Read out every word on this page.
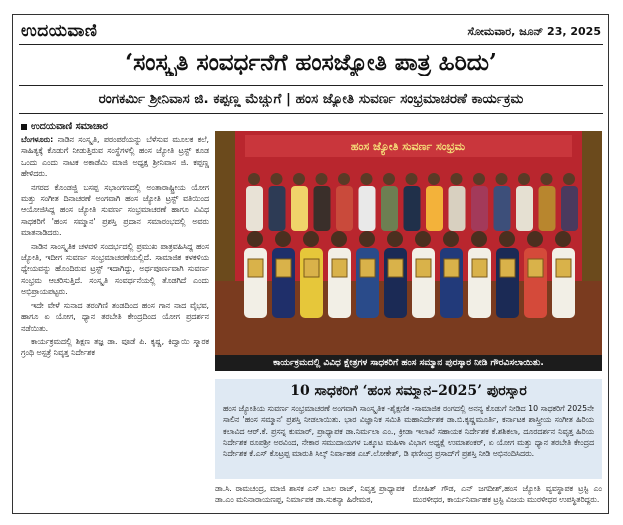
ಉದಯವಾಣಿ	ಸೋಮವಾರ, ಜೂನ್ 23, 2025
‘ಸಂಸ್ಕೃತಿ ಸಂವರ್ಧನೆಗೆ ಹಂಸಜ್ಯೋತಿ ಪಾತ್ರ ಹಿರಿದು’
ರಂಗಕರ್ಮಿ ಶ್ರೀನಿವಾಸ ಜಿ. ಕಪ್ಪಣ್ಣ ಮೆಚ್ಚುಗೆ | ಹಂಸ ಜ್ಯೋತಿ ಸುವರ್ಣ ಸಂಭ್ರಮಾಚರಣೆ ಕಾರ್ಯಕ್ರಮ
ಉದಯವಾಣಿ ಸಮಾಚಾರ

ಬೆಂಗಳೂರು: ನಾಡಿನ ಸಂಸ್ಕೃತಿ, ಪರಂಪರೆಯನ್ನು ಬೆಳೆಸುವ ಮೂಲಕ ಕಲೆ, ಸಾಹಿತ್ಯಕ್ಕೆ ಕೊಡುಗೆ ನೀಡುತ್ತಿರುವ ಸಂಸ್ಥೆಗಳಲ್ಲಿ ಹಂಸ ಜ್ಯೋತಿ ಟ್ರಸ್ಟ್ ಕೂಡ ಒಂದು ಎಂದು ನಾಟಕ ಅಕಾಡೆಮಿ ಮಾಜಿ ಅಧ್ಯಕ್ಷ ಶ್ರೀನಿವಾಸ ಜಿ. ಕಪ್ಪಣ್ಣ ಹೇಳಿದರು.

ನಗರದ ಕೊಂಡಜ್ಜಿ ಬಸಪ್ಪ ಸಭಾಂಗಣದಲ್ಲಿ ಅಂತಾರಾಷ್ಟ್ರೀಯ ಯೋಗ ಮತ್ತು ಸಂಗೀತ ದಿನಾಚರಣೆ ಅಂಗವಾಗಿ ಹಂಸ ಜ್ಯೋತಿ ಟ್ರಸ್ಟ್ ವತಿಯಿಂದ ಆಯೋಜಿಸಿದ್ದ ಹಂಸ ಜ್ಯೋತಿ ಸುವರ್ಣ ಸಂಭ್ರಮಾಚರಣೆ ಹಾಗೂ ವಿವಿಧ ಸಾಧಕರಿಗೆ 'ಹಂಸ ಸಮ್ಮಾನ' ಪ್ರಶಸ್ತಿ ಪ್ರದಾನ ಸಮಾರಂಭದಲ್ಲಿ ಅವರು ಮಾತನಾಡಿದರು.

ನಾಡಿನ ಸಾಂಸ್ಕೃತಿಕ ಚಳವಳಿ ಸಂದರ್ಭದಲ್ಲಿ ಪ್ರಮುಖ ಪಾತ್ರವಹಿಸಿದ್ದ ಹಂಸ ಜ್ಯೋತಿ, ಇದೀಗ ಸುವರ್ಣ ಸಂಭ್ರಮಾಚರಣೆಯಲ್ಲಿದೆ. ಸಾಮಾಜಿಕ ಕಳಕಳಿಯ ಧ್ಯೇಯವನ್ನು ಹೊಂದಿರುವ ಟ್ರಸ್ಟ್ ಇದಾಗಿದ್ದು, ಅರ್ಥಪೂರ್ಣವಾಗಿ ಸುವರ್ಣ ಸಂಭ್ರಮ ಆಚರಿಸುತ್ತಿದೆ. ಸಂಸ್ಕೃತಿ ಸಂವರ್ಧನೆಯಲ್ಲಿ ತೊಡಗಿದೆ ಎಂದು ಅಭಿಪ್ರಾಯಪಟ್ಟರು.

ಇದೇ ವೇಳೆ ಸುನಾದ ತರಂಗಿಣಿ ತಂಡದಿಂದ ಹಂಸ ಗಾನ ನಾದ ವೈಭವ, ಹಾಗೂ ಏ ಯೋಗ, ಧ್ಯಾನ ತರಬೇತಿ ಕೇಂದ್ರದಿಂದ ಯೋಗ ಪ್ರದರ್ಶನ ನಡೆಯಿತು.

ಕಾರ್ಯಕ್ರಮದಲ್ಲಿ ಶಿಕ್ಷಣ ತಜ್ಞ ಡಾ. ವೂಡೆ ಪಿ. ಕೃಷ್ಣ, ಕಿದ್ವಾಯಿ ಸ್ಮಾರಕ ಗ್ರಂಥಿ ಅಸ್ಪತ್ರೆ ನಿವೃತ್ತ ನಿರ್ದೇಶಕ

ಹಂಸ ಜ್ಯೋತಿ ಸುವರ್ಣ ಸಂಭ್ರಮ
ಕಾರ್ಯಕ್ರಮದಲ್ಲಿ ವಿವಿಧ ಕ್ಷೇತ್ರಗಳ ಸಾಧಕರಿಗೆ ಹಂಸ ಸಮ್ಮಾನ ಪುರಸ್ಕಾರ ನೀಡಿ ಗೌರವಿಸಲಾಯಿತು.
10 ಸಾಧಕರಿಗೆ ‘ಹಂಸ ಸಮ್ಮಾನ–2025’ ಪುರಸ್ಕಾರ
ಹಂಸ ಜ್ಯೋತಿಯ ಸುವರ್ಣ ಸಂಭ್ರಮಾಚರಣೆ ಅಂಗವಾಗಿ ಸಾಂಸ್ಕೃತಿಕ -ಶೈಕ್ಷಣಿಕ -ಸಾಮಾಜಿಕ ರಂಗದಲ್ಲಿ ಅನನ್ಯ ಕೊಡುಗೆ ನೀಡಿದ 10 ಸಾಧಕರಿಗೆ 2025ನೇ ಸಾಲಿನ 'ಹಂಸ ಸಮ್ಮಾನ' ಪ್ರಶಸ್ತಿ ನೀಡಲಾಯಿತು. ಭಾರ ವಿಜ್ಞಾನಿಕ ಸಮಿತಿ ಮಹಾನಿರ್ದೇಶಕ ಡಾ.ಬಿ.ಕೃಷ್ಣಮೂರ್ತಿ, ಕರ್ನಾಟಕ ಶಾಸ್ತ್ರೀಯ ಸಂಗೀತ ಹಿರಿಯ ಕಲಾವಿದ ಆರ್.ಕೆ. ಪ್ರಸನ್ನ ಕುಮಾರ್, ಪ್ರಾಧ್ಯಾಪಕ ಡಾ.ನಿರ್ಮಲಾ ಎಂ., ಕ್ರೀಡಾ ಇಲಾಖೆ ಸಹಾಯಕ ನಿರ್ದೇಶಕ ಕೆ.ಶಶಿಕಲಾ, ದೂರದರ್ಶನ ನಿವೃತ್ತ ಹಿರಿಯ ನಿರ್ದೇಶಕ ರೂಪಶ್ರೀ ಅರವಿಂದ, ನೇಕಾರ ಸಮುದಾಯಗಳ ಒಕ್ಕೂಟ ಮಹಿಳಾ ವಿಭಾಗ ಅಧ್ಯಕ್ಷೆ ಉಮಾಶಂಕರ್, ಏ ಯೋಗ ಮತ್ತು ಧ್ಯಾನ ತರಬೇತಿ ಕೇಂದ್ರದ ನಿರ್ದೇಶಕ ಕೆ.ಎಸ್ ಕೊಟ್ರಪ್ಪ ಮಾರುತಿ ಸಿಲ್ಕ್ ನಿರ್ವಾಹಕ ಎಚ್.ಲೋಕೇಶ್, ಡಿ ಫಣೀಂದ್ರ ಪ್ರಸಾದ್‌ಗೆ ಪ್ರಶಸ್ತಿ ನೀಡಿ ಅಭಿನಂದಿಸಿದರು.
ಡಾ.ಸಿ. ರಾಮಚಂದ್ರ, ಮಾಜಿ ಶಾಸಕ ಎಸ್ ಬಾಲ ರಾಜ್, ನಿವೃತ್ತ ಪ್ರಾಧ್ಯಾಪಕ ಡಾ.ಎಂ ಮನಿನಾರಾಯಣಪ್ಪ, ನಿರ್ಮಾಪಕ ಡಾ.ಸುಕನ್ಯಾ ಹಿರೇಮಠ,
ರೋಹಿತ್ ಗೌಡ, ಎನ್ ಜಗದೀಶ್,ಹಂಸ ಜ್ಯೋತಿ ವ್ಯವಸ್ಥಾಪಕ ಟ್ರಸ್ಟಿ ಎಂ ಮುರಳೀಧರ, ಕಾರ್ಯನಿರ್ವಾಹಕ ಟ್ರಸ್ಟಿ ವಿಜಯ ಮುರಳೀಧರ ಉಪಸ್ಥಿತರಿದ್ದರು.
